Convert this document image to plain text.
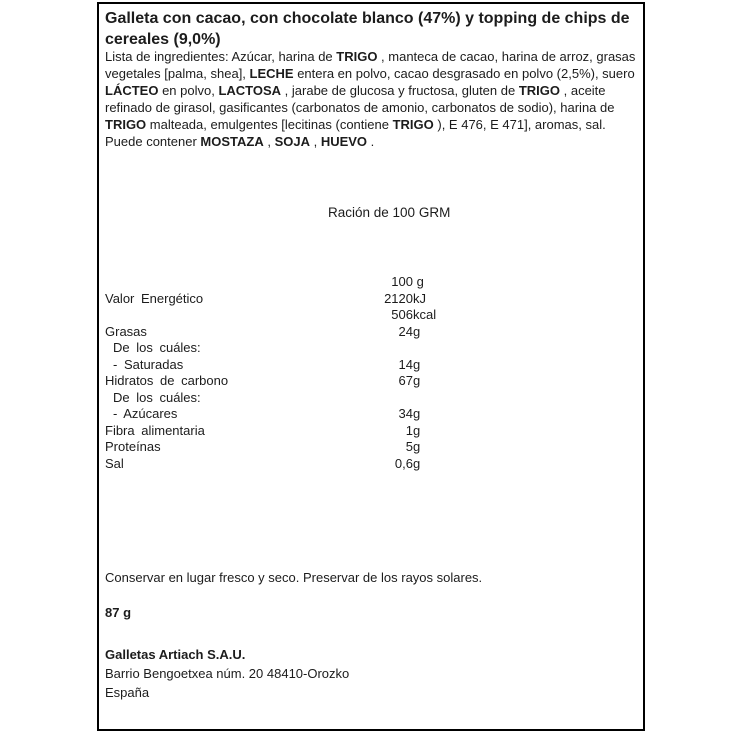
Galleta con cacao, con chocolate blanco (47%) y topping de chips de cereales (9,0%)

Lista de ingredientes: Azúcar, harina de TRIGO , manteca de cacao, harina de arroz, grasas vegetales [palma, shea], LECHE entera en polvo, cacao desgrasado en polvo (2,5%), suero LÁCTEO en polvo, LACTOSA , jarabe de glucosa y fructosa, gluten de TRIGO , aceite refinado de girasol, gasificantes (carbonatos de amonio, carbonatos de sodio), harina de TRIGO malteada, emulgentes [lecitinas (contiene TRIGO ), E 476, E 471], aromas, sal. Puede contener MOSTAZA , SOJA , HUEVO .

Ración de 100 GRM
100 g
Valor Energético	2120 kJ
506 kcal
Grasas	24 g
De los cuáles:
- Saturadas	14 g
Hidratos de carbono	67 g
De los cuáles:
- Azúcares	34 g
Fibra alimentaria	1 g
Proteínas	5 g
Sal	0,6 g

Conservar en lugar fresco y seco. Preservar de los rayos solares.

87 g

Galletas Artiach S.A.U.

Barrio Bengoetxea núm. 20 48410-Orozko

España
